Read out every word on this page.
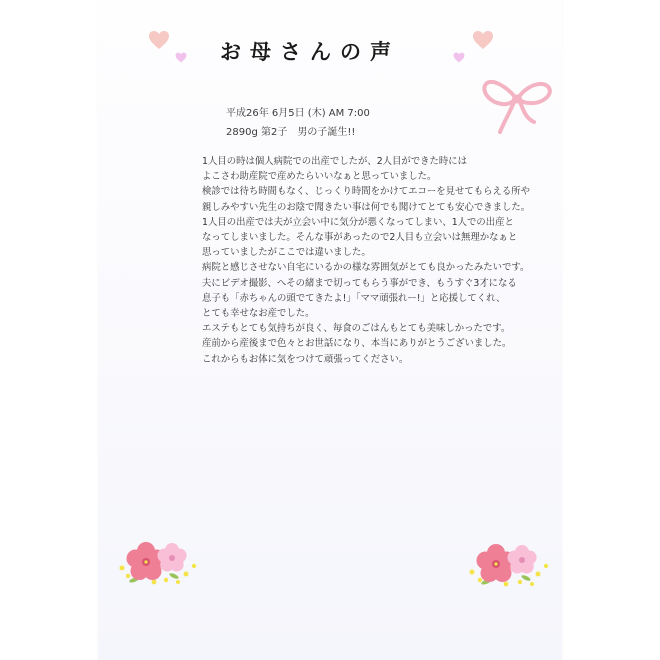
お母さんの声
平成26年 6月5日 (木) AM 7:00
2890g 第2子　男の子誕生!!
1人目の時は個人病院での出産でしたが、2人目ができた時には
よこさわ助産院で産めたらいいなぁと思っていました。
検診では待ち時間もなく、じっくり時間をかけてエコーを見せてもらえる所や
親しみやすい先生のお陰で聞きたい事は何でも聞けてとても安心できました。
1人目の出産では夫が立会い中に気分が悪くなってしまい、1人での出産と
なってしまいました。そんな事があったので2人目も立会いは無理かなぁと
思っていましたがここでは違いました。
病院と感じさせない自宅にいるかの様な雰囲気がとても良かったみたいです。
夫にビデオ撮影、へその緒まで切ってもらう事ができ、もうすぐ3才になる
息子も「赤ちゃんの頭でてきたよ!」「ママ頑張れー!」と応援してくれ、
とても幸せなお産でした。
エステもとても気持ちが良く、毎食のごはんもとても美味しかったです。
産前から産後まで色々とお世話になり、本当にありがとうございました。
これからもお体に気をつけて頑張ってください。
